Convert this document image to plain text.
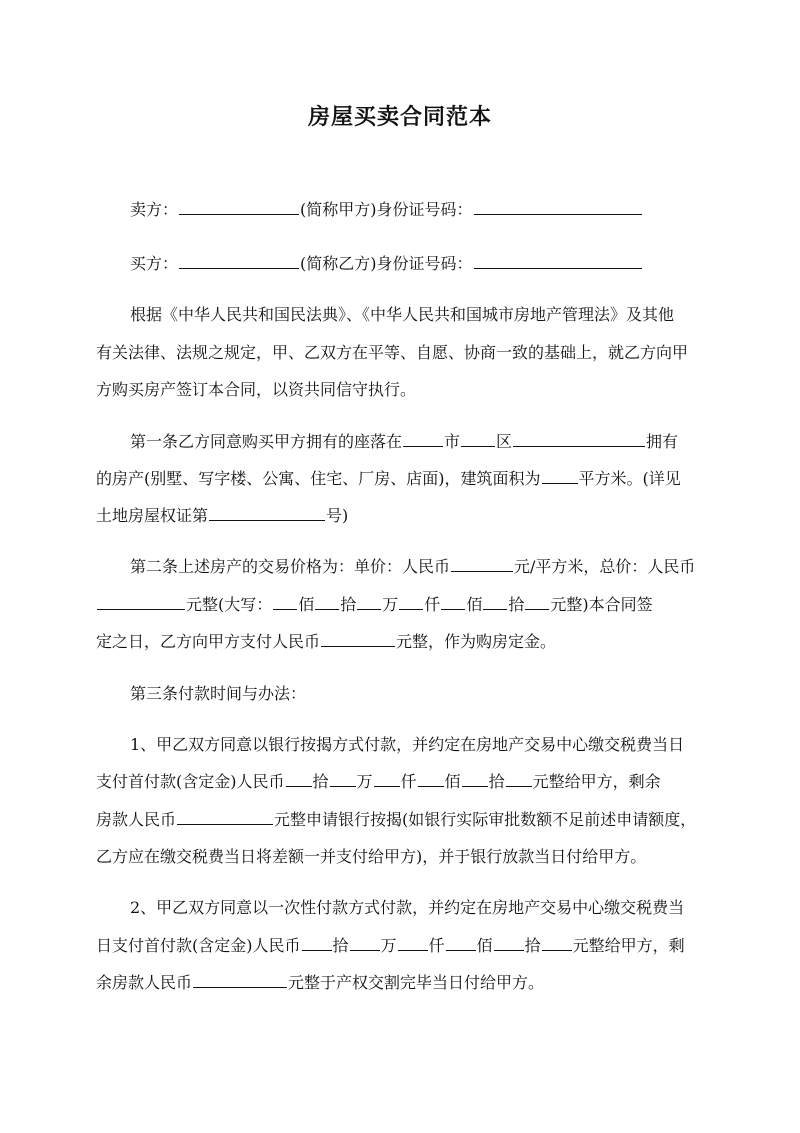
房屋买卖合同范本
卖方：	(简称甲方)身份证号码：
买方：	(简称乙方)身份证号码：
根据《中华人民共和国民法典》、《中华人民共和国城市房地产管理法》及其他
有关法律、法规之规定，甲、乙双方在平等、自愿、协商一致的基础上，就乙方向甲
方购买房产签订本合同，以资共同信守执行。
第一条乙方同意购买甲方拥有的座落在	市 区	拥有
的房产(别墅、写字楼、公寓、住宅、厂房、店面)，建筑面积为 平方米。(详见
土地房屋权证第	号)
第二条上述房产的交易价格为：单价：人民币	元/平方米，总价：人民币
元整(大写： 佰 拾 万 仟 佰 拾 元整)本合同签
定之日，乙方向甲方支付人民币	元整，作为购房定金。
第三条付款时间与办法：
1、甲乙双方同意以银行按揭方式付款，并约定在房地产交易中心缴交税费当日
支付首付款(含定金)人民币 拾 万 仟 佰 拾 元整给甲方，剩余
房款人民币	元整申请银行按揭(如银行实际审批数额不足前述申请额度，
乙方应在缴交税费当日将差额一并支付给甲方)，并于银行放款当日付给甲方。
2、甲乙双方同意以一次性付款方式付款，并约定在房地产交易中心缴交税费当
日支付首付款(含定金)人民币 拾 万 仟 佰 拾 元整给甲方，剩
余房款人民币	元整于产权交割完毕当日付给甲方。
